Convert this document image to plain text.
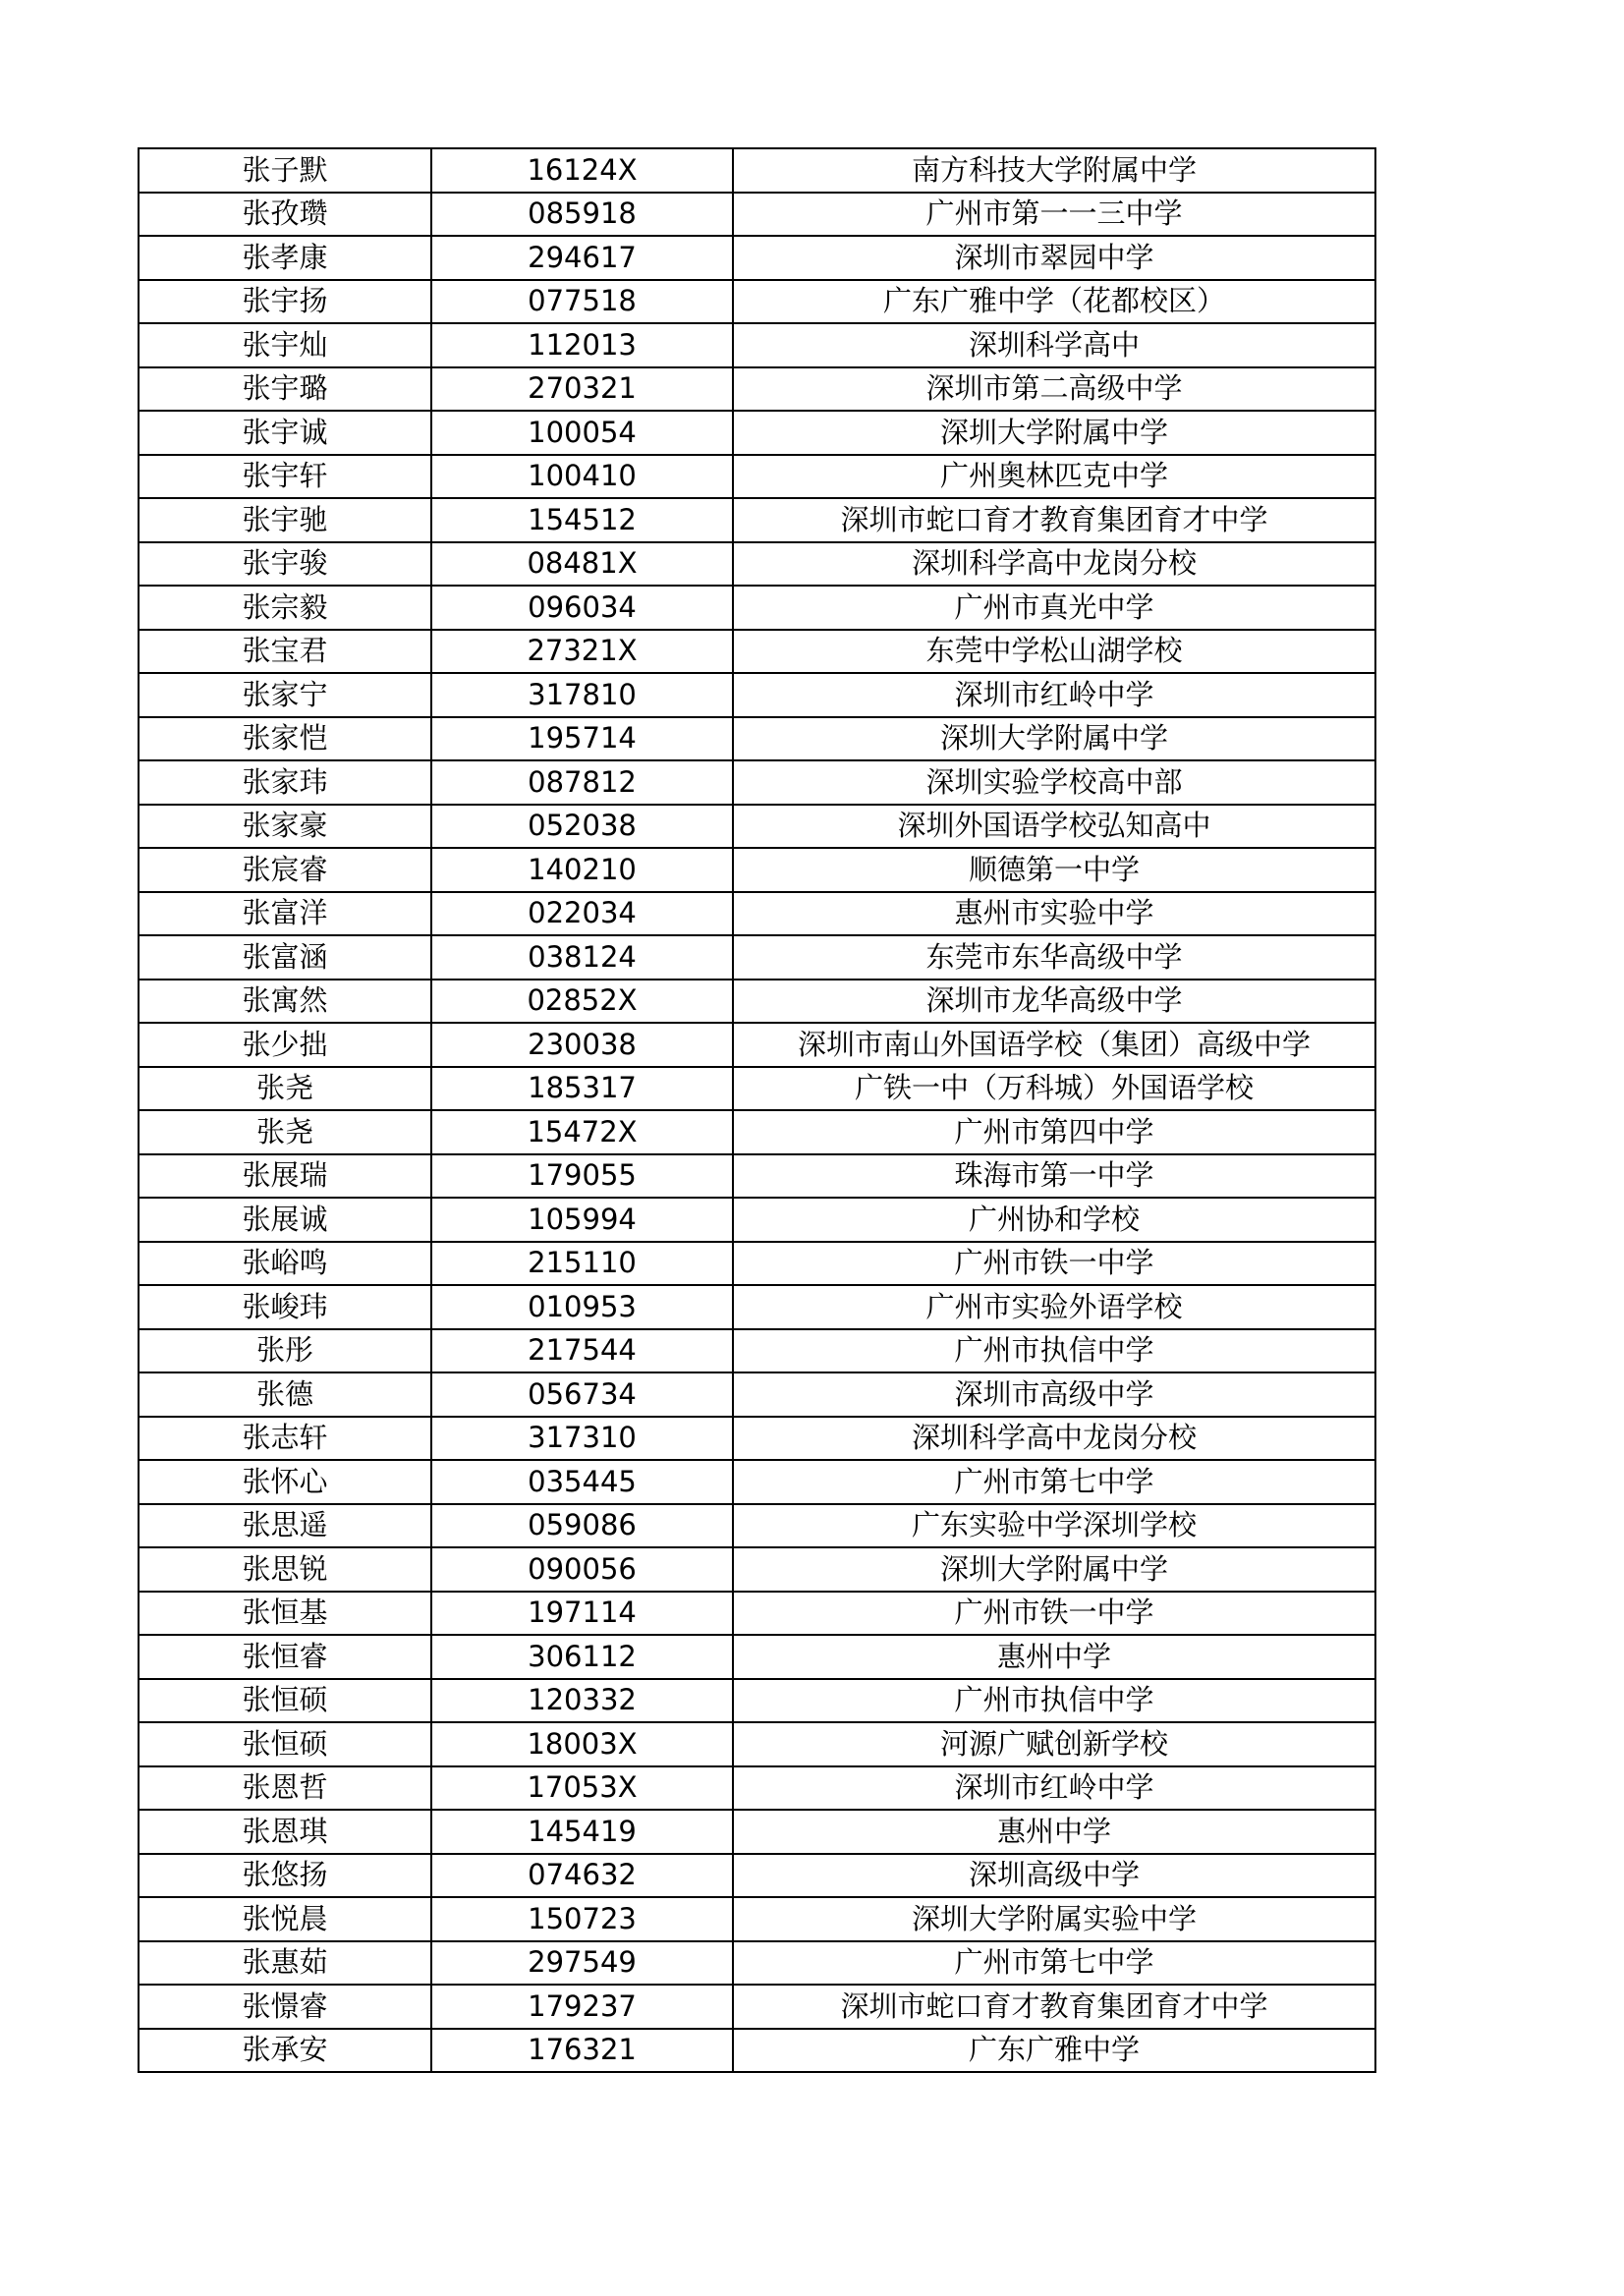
张子默	16124X	南方科技大学附属中学
张孜瓒	085918	广州市第一一三中学
张孝康	294617	深圳市翠园中学
张宇扬	077518	广东广雅中学（花都校区）
张宇灿	112013	深圳科学高中
张宇璐	270321	深圳市第二高级中学
张宇诚	100054	深圳大学附属中学
张宇轩	100410	广州奥林匹克中学
张宇驰	154512	深圳市蛇口育才教育集团育才中学
张宇骏	08481X	深圳科学高中龙岗分校
张宗毅	096034	广州市真光中学
张宝君	27321X	东莞中学松山湖学校
张家宁	317810	深圳市红岭中学
张家恺	195714	深圳大学附属中学
张家玮	087812	深圳实验学校高中部
张家豪	052038	深圳外国语学校弘知高中
张宸睿	140210	顺德第一中学
张富洋	022034	惠州市实验中学
张富涵	038124	东莞市东华高级中学
张寓然	02852X	深圳市龙华高级中学
张少拙	230038	深圳市南山外国语学校（集团）高级中学
张尧	185317	广铁一中（万科城）外国语学校
张尧	15472X	广州市第四中学
张展瑞	179055	珠海市第一中学
张展诚	105994	广州协和学校
张峪鸣	215110	广州市铁一中学
张峻玮	010953	广州市实验外语学校
张彤	217544	广州市执信中学
张德	056734	深圳市高级中学
张志轩	317310	深圳科学高中龙岗分校
张怀心	035445	广州市第七中学
张思遥	059086	广东实验中学深圳学校
张思锐	090056	深圳大学附属中学
张恒基	197114	广州市铁一中学
张恒睿	306112	惠州中学
张恒硕	120332	广州市执信中学
张恒硕	18003X	河源广赋创新学校
张恩哲	17053X	深圳市红岭中学
张恩琪	145419	惠州中学
张悠扬	074632	深圳高级中学
张悦晨	150723	深圳大学附属实验中学
张惠茹	297549	广州市第七中学
张憬睿	179237	深圳市蛇口育才教育集团育才中学
张承安	176321	广东广雅中学
